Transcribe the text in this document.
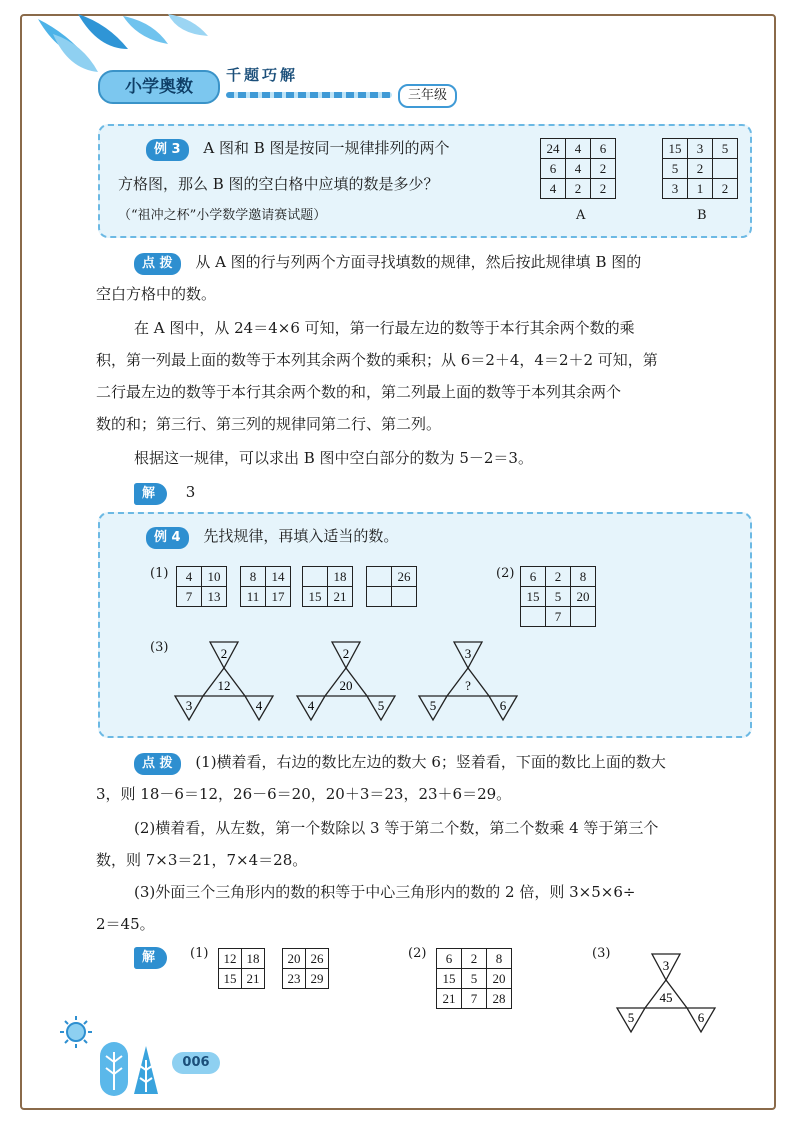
小学奥数
千题巧解
三年级
例 3 A 图和 B 图是按同一规律排列的两个
方格图，那么 B 图的空白格中应填的数是多少？
（“祖冲之杯”小学数学邀请赛试题）
24	4	6
6	4	2
4	2	2
A
15	3	5
5	2	
3	1	2
B
点 拨 从 A 图的行与列两个方面寻找填数的规律，然后按此规律填 B 图的
空白方格中的数。
在 A 图中，从 24＝4×6 可知，第一行最左边的数等于本行其余两个数的乘
积，第一列最上面的数等于本列其余两个数的乘积；从 6＝2＋4，4＝2＋2 可知，第
二行最左边的数等于本行其余两个数的和，第二列最上面的数等于本列其余两个
数的和；第三行、第三列的规律同第二行、第二列。
根据这一规律，可以求出 B 图中空白部分的数为 5－2＝3。
解 3
例 4 先找规律，再填入适当的数。
(1) 4	10
7	13
8	14
11	17
	18
15	21
	26
		(2) 6	2	8
15	5	20
	7	
(3)	2
12
3	4
2
20
4	5
3
?
5	6
点 拨 (1)横着看，右边的数比左边的数大 6；竖着看，下面的数比上面的数大
3，则 18－6＝12，26－6＝20，20＋3＝23，23＋6＝29。
(2)横着看，从左数，第一个数除以 3 等于第二个数，第二个数乘 4 等于第三个
数，则 7×3＝21，7×4＝28。
(3)外面三个三角形内的数的积等于中心三角形内的数的 2 倍，则 3×5×6÷
2＝45。
解	(1) 12	18
15	21
20	26
23	29
(2) 6	2	8
15	5	20
21	7	28
(3)
3
45
5	6
006
